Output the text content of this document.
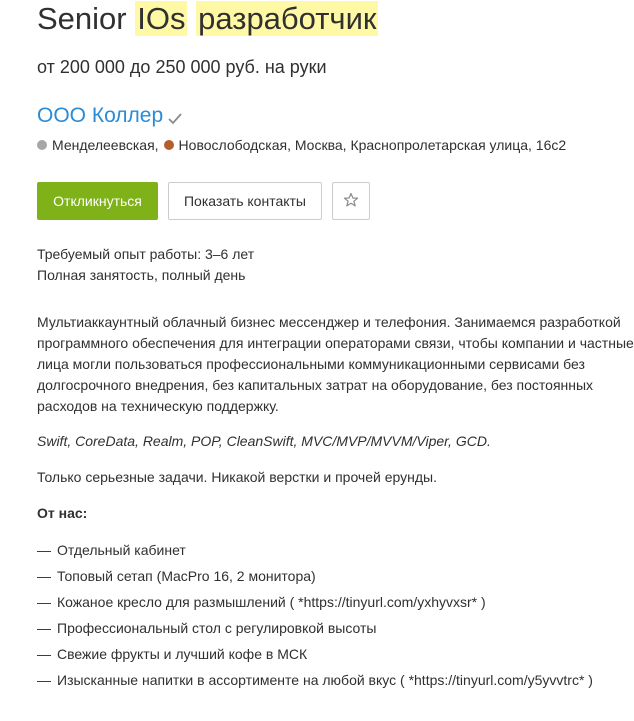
Senior IOs разработчик
от 200 000 до 250 000 руб. на руки
ООО Коллер
Менделеевская, Новослободская, Москва, Краснопролетарская улица, 16с2
Откликнуться	Показать контакты
Требуемый опыт работы: 3–6 лет
Полная занятость, полный день
Мультиаккаунтный облачный бизнес мессенджер и телефония. Занимаемся разработкой
программного обеспечения для интеграции операторами связи, чтобы компании и частные
лица могли пользоваться профессиональными коммуникационными сервисами без
долгосрочного внедрения, без капитальных затрат на оборудование, без постоянных
расходов на техническую поддержку.
Swift, CoreData, Realm, POP, CleanSwift, MVC/MVP/MVVM/Viper, GCD.
Только серьезные задачи. Никакой верстки и прочей ерунды.
От нас:
— Отдельный кабинет
— Топовый сетап (MacPro 16, 2 монитора)
— Кожаное кресло для размышлений ( *https://tinyurl.com/yxhyvxsr* )
— Профессиональный стол с регулировкой высоты
— Свежие фрукты и лучший кофе в МСК
— Изысканные напитки в ассортименте на любой вкус ( *https://tinyurl.com/y5yvvtrc* )
